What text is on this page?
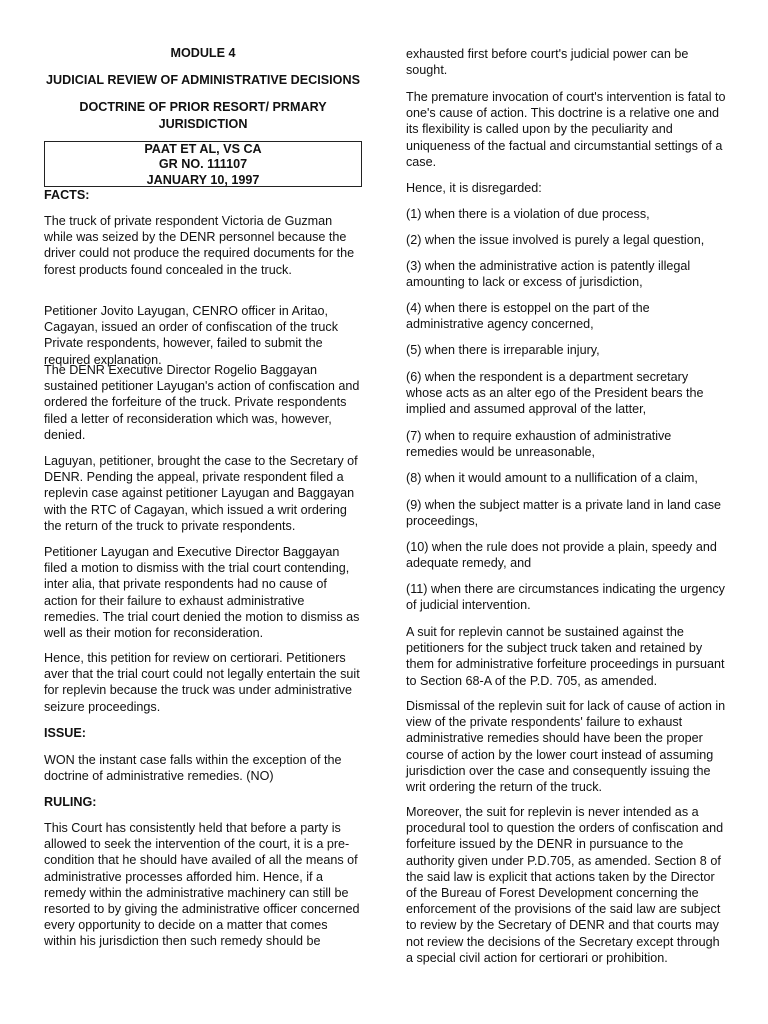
MODULE 4
JUDICIAL REVIEW OF ADMINISTRATIVE DECISIONS
DOCTRINE OF PRIOR RESORT/ PRMARY JURISDICTION
PAAT ET AL, VS CA
GR NO. 111107
JANUARY 10, 1997

FACTS:

The truck of private respondent Victoria de Guzman while was seized by the DENR personnel because the driver could not produce the required documents for the forest products found concealed in the truck.

Petitioner Jovito Layugan, CENRO officer in Aritao, Cagayan, issued an order of confiscation of the truck Private respondents, however, failed to submit the required explanation.

The DENR Executive Director Rogelio Baggayan sustained petitioner Layugan's action of confiscation and ordered the forfeiture of the truck. Private respondents filed a letter of reconsideration which was, however, denied.

Laguyan, petitioner, brought the case to the Secretary of DENR. Pending the appeal, private respondent filed a replevin case against petitioner Layugan and Baggayan with the RTC of Cagayan, which issued a writ ordering the return of the truck to private respondents.

Petitioner Layugan and Executive Director Baggayan filed a motion to dismiss with the trial court contending, inter alia, that private respondents had no cause of action for their failure to exhaust administrative remedies. The trial court denied the motion to dismiss as well as their motion for reconsideration.

Hence, this petition for review on certiorari. Petitioners aver that the trial court could not legally entertain the suit for replevin because the truck was under administrative seizure proceedings.

ISSUE:

WON the instant case falls within the exception of the doctrine of administrative remedies. (NO)

RULING:

This Court has consistently held that before a party is allowed to seek the intervention of the court, it is a pre-condition that he should have availed of all the means of administrative processes afforded him. Hence, if a remedy within the administrative machinery can still be resorted to by giving the administrative officer concerned every opportunity to decide on a matter that comes within his jurisdiction then such remedy should be

exhausted first before court's judicial power can be sought.

The premature invocation of court's intervention is fatal to one's cause of action. This doctrine is a relative one and its flexibility is called upon by the peculiarity and uniqueness of the factual and circumstantial settings of a case.

Hence, it is disregarded:

(1) when there is a violation of due process,

(2) when the issue involved is purely a legal question,

(3) when the administrative action is patently illegal amounting to lack or excess of jurisdiction,

(4) when there is estoppel on the part of the administrative agency concerned,

(5) when there is irreparable injury,

(6) when the respondent is a department secretary whose acts as an alter ego of the President bears the implied and assumed approval of the latter,

(7) when to require exhaustion of administrative remedies would be unreasonable,

(8) when it would amount to a nullification of a claim,

(9) when the subject matter is a private land in land case proceedings,

(10) when the rule does not provide a plain, speedy and adequate remedy, and

(11) when there are circumstances indicating the urgency of judicial intervention.

A suit for replevin cannot be sustained against the petitioners for the subject truck taken and retained by them for administrative forfeiture proceedings in pursuant to Section 68-A of the P.D. 705, as amended.

Dismissal of the replevin suit for lack of cause of action in view of the private respondents' failure to exhaust administrative remedies should have been the proper course of action by the lower court instead of assuming jurisdiction over the case and consequently issuing the writ ordering the return of the truck.

Moreover, the suit for replevin is never intended as a procedural tool to question the orders of confiscation and forfeiture issued by the DENR in pursuance to the authority given under P.D.705, as amended. Section 8 of the said law is explicit that actions taken by the Director of the Bureau of Forest Development concerning the enforcement of the provisions of the said law are subject to review by the Secretary of DENR and that courts may not review the decisions of the Secretary except through a special civil action for certiorari or prohibition.
